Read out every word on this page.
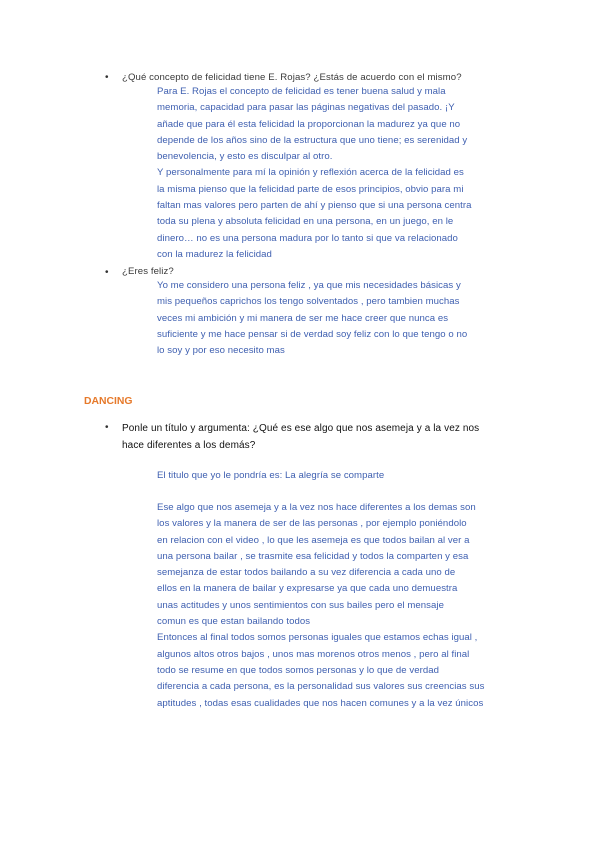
• ¿Qué concepto de felicidad tiene E. Rojas? ¿Estás de acuerdo con el mismo?

Para E. Rojas el concepto de felicidad es tener buena salud y mala

memoria, capacidad para pasar las páginas negativas del pasado. ¡Y

añade que para él esta felicidad la proporcionan la madurez ya que no

depende de los años sino de la estructura que uno tiene; es serenidad y

benevolencia, y esto es disculpar al otro.

Y personalmente para mí la opinión y reflexión acerca de la felicidad es

la misma pienso que la felicidad parte de esos principios, obvio para mi

faltan mas valores pero parten de ahí y pienso que si una persona centra

toda su plena y absoluta felicidad en una persona, en un juego, en le

dinero… no es una persona madura por lo tanto si que va relacionado

con la madurez la felicidad

• ¿Eres feliz?

Yo me considero una persona feliz , ya que mis necesidades básicas y

mis pequeños caprichos los tengo solventados , pero tambien muchas

veces mi ambición y mi manera de ser me hace creer que nunca es

suficiente y me hace pensar si de verdad soy feliz con lo que tengo o no

lo soy y por eso necesito mas

DANCING
• Ponle un título y argumenta: ¿Qué es ese algo que nos asemeja y a la vez nos
hace diferentes a los demás?

El titulo que yo le pondría es: La alegría se comparte

Ese algo que nos asemeja y a la vez nos hace diferentes a los demas son

los valores y la manera de ser de las personas , por ejemplo poniéndolo

en relacion con el video , lo que les asemeja es que todos bailan al ver a

una persona bailar , se trasmite esa felicidad y todos la comparten y esa

semejanza de estar todos bailando a su vez diferencia a cada uno de

ellos en la manera de bailar y expresarse ya que cada uno demuestra

unas actitudes y unos sentimientos con sus bailes pero el mensaje

comun es que estan bailando todos

Entonces al final todos somos personas iguales que estamos echas igual ,

algunos altos otros bajos , unos mas morenos otros menos , pero al final

todo se resume en que todos somos personas y lo que de verdad

diferencia a cada persona, es la personalidad sus valores sus creencias sus

aptitudes , todas esas cualidades que nos hacen comunes y a la vez únicos
